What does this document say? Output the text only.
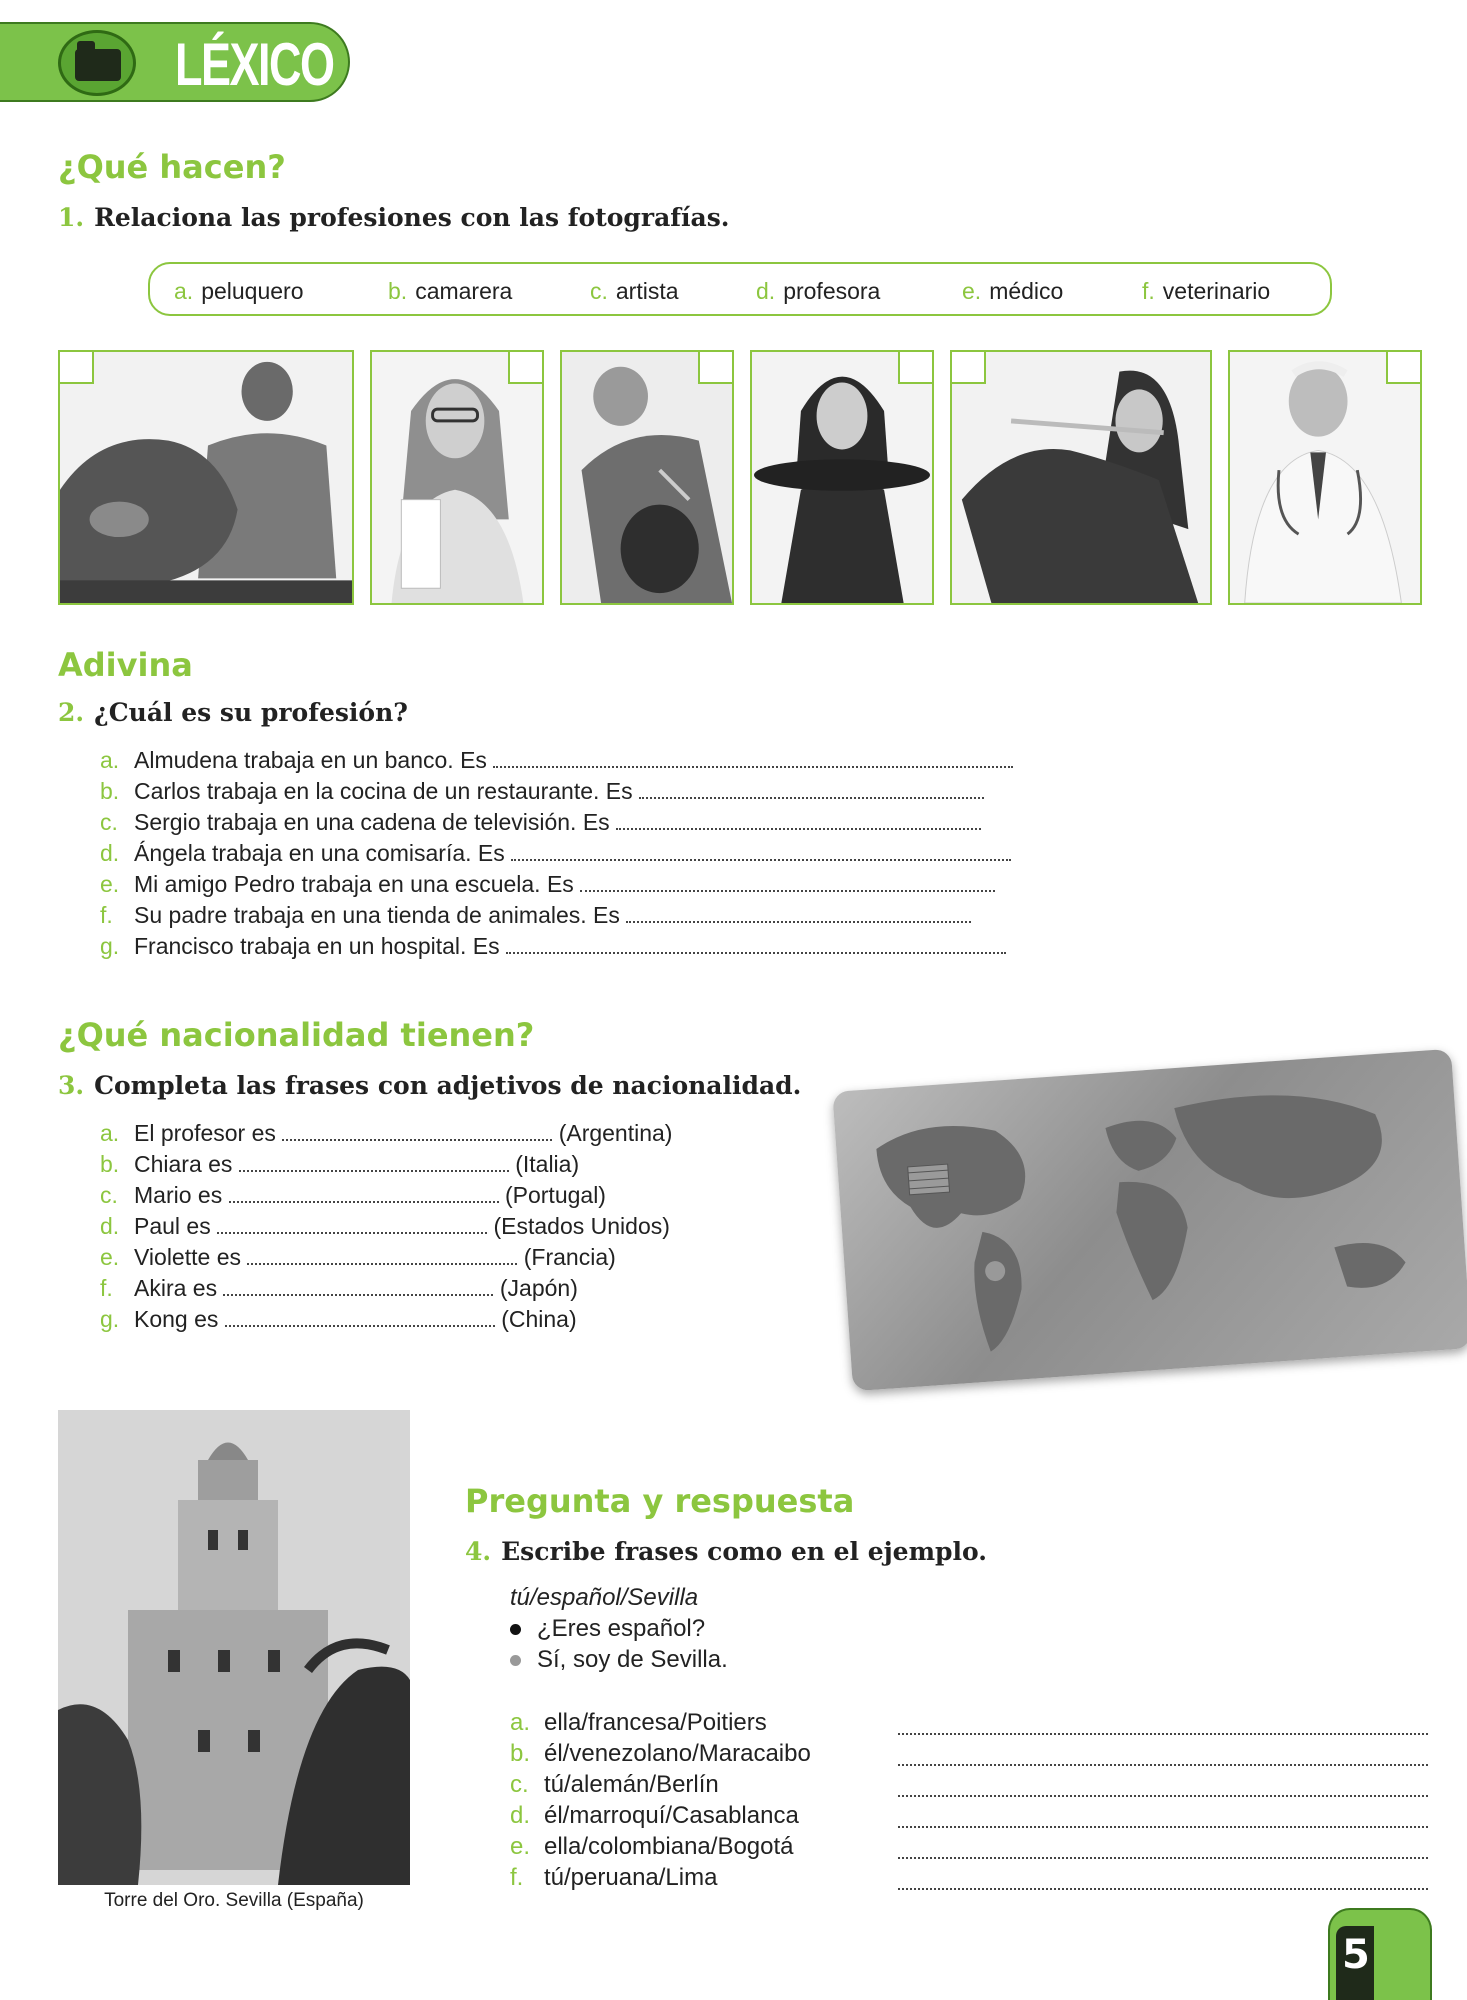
LÉXICO
¿Qué hacen?
1. Relaciona las profesiones con las fotografías.
a. peluquero	b. camarera	c. artista	d. profesora	e. médico	f. veterinario
Adivina
2. ¿Cuál es su profesión?
a. Almudena trabaja en un banco. Es
b. Carlos trabaja en la cocina de un restaurante. Es
c. Sergio trabaja en una cadena de televisión. Es
d. Ángela trabaja en una comisaría. Es
e. Mi amigo Pedro trabaja en una escuela. Es
f. Su padre trabaja en una tienda de animales. Es
g. Francisco trabaja en un hospital. Es
¿Qué nacionalidad tienen?
3. Completa las frases con adjetivos de nacionalidad.
a. El profesor es	(Argentina)
b. Chiara es	(Italia)
c. Mario es	(Portugal)
d. Paul es	(Estados Unidos)
e. Violette es	(Francia)
f. Akira es	(Japón)
g. Kong es	(China)
Torre del Oro. Sevilla (España)
Pregunta y respuesta
4. Escribe frases como en el ejemplo.
tú/español/Sevilla
¿Eres español?
Sí, soy de Sevilla.
a. ella/francesa/Poitiers
b. él/venezolano/Maracaibo
c. tú/alemán/Berlín
d. él/marroquí/Casablanca
e. ella/colombiana/Bogotá
f. tú/peruana/Lima
5
